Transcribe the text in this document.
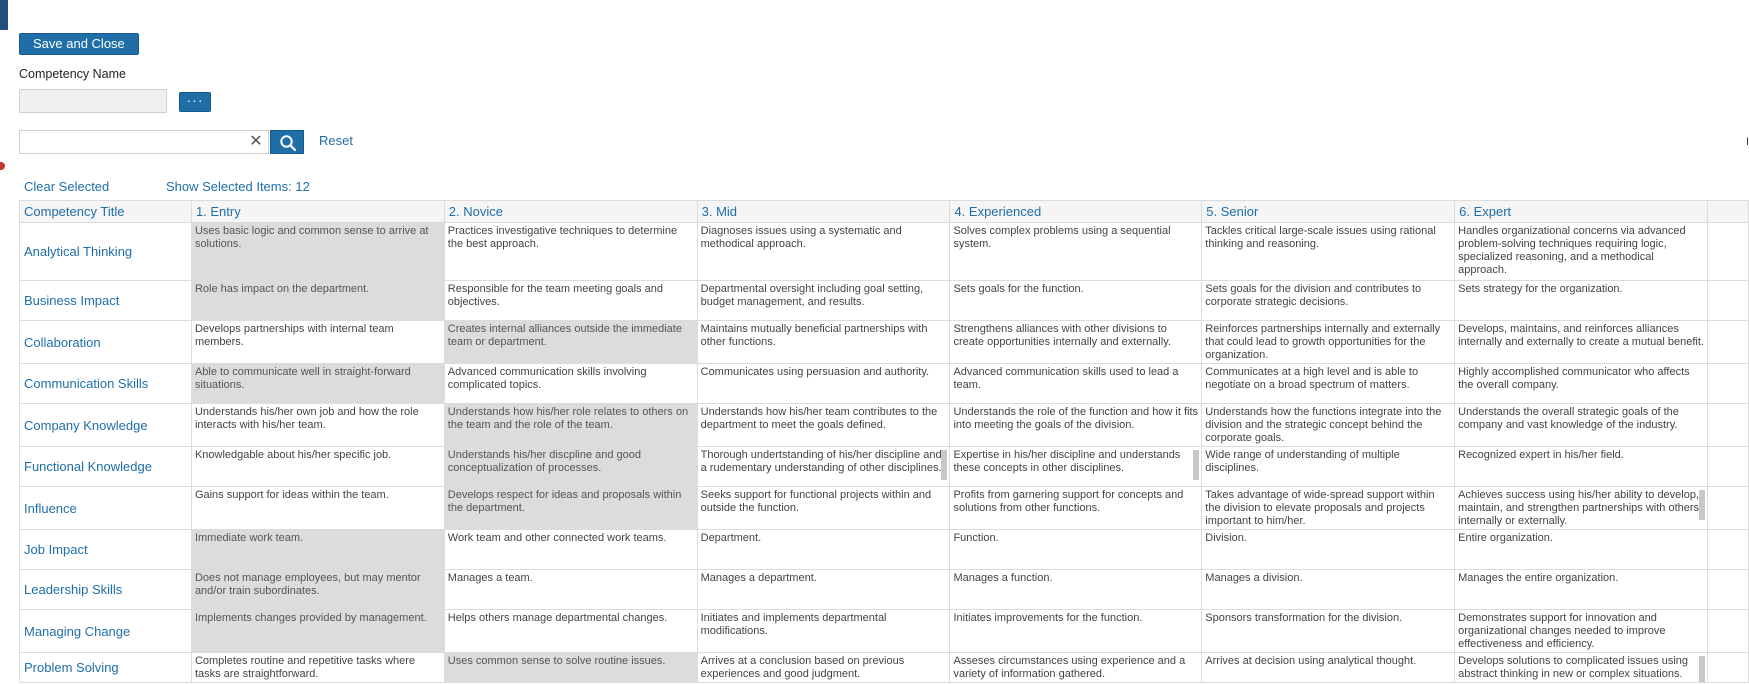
I
Save and Close
Competency Name
···
✕	Reset
Clear Selected	Show Selected Items: 12
Competency Title	1. Entry	2. Novice	3. Mid	4. Experienced	5. Senior	6. Expert	
Analytical Thinking	Uses basic logic and common sense to arrive at solutions.	Practices investigative techniques to determine the best approach.	Diagnoses issues using a systematic and methodical approach.	Solves complex problems using a sequential system.	Tackles critical large-scale issues using rational thinking and reasoning.	Handles organizational concerns via advanced problem-solving techniques requiring logic, specialized reasoning, and a methodical approach.	

Business Impact	Role has impact on the department.	Responsible for the team meeting goals and objectives.	Departmental oversight including goal setting, budget management, and results.	Sets goals for the function.	Sets goals for the division and contributes to corporate strategic decisions.	Sets strategy for the organization.	

Collaboration	Develops partnerships with internal team members.	Creates internal alliances outside the immediate team or department.	Maintains mutually beneficial partnerships with other functions.	Strengthens alliances with other divisions to create opportunities internally and externally.	Reinforces partnerships internally and externally that could lead to growth opportunities for the organization.	Develops, maintains, and reinforces alliances internally and externally to create a mutual benefit.	

Communication Skills	Able to communicate well in straight-forward situations.	Advanced communication skills involving complicated topics.	Communicates using persuasion and authority.	Advanced communication skills used to lead a team.	Communicates at a high level and is able to negotiate on a broad spectrum of matters.	Highly accomplished communicator who affects the overall company.	

Company Knowledge	Understands his/her own job and how the role interacts with his/her team.	Understands how his/her role relates to others on the team and the role of the team.	Understands how his/her team contributes to the department to meet the goals defined.	Understands the role of the function and how it fits into meeting the goals of the division.	Understands how the functions integrate into the division and the strategic concept behind the corporate goals.	Understands the overall strategic goals of the company and vast knowledge of the industry.	

Functional Knowledge	Knowledgable about his/her specific job.	Understands his/her discpline and good conceptualization of processes.	Thorough undertstanding of his/her discipline and a rudementary understanding of other disciplines.	Expertise in his/her discipline and understands these concepts in other disciplines.	Wide range of understanding of multiple disciplines.	Recognized expert in his/her field.	

Influence	Gains support for ideas within the team.	Develops respect for ideas and proposals within the department.	Seeks support for functional projects within and outside the function.	Profits from garnering support for concepts and solutions from other functions.	Takes advantage of wide-spread support within the division to elevate proposals and projects important to him/her.	Achieves success using his/her ability to develop, maintain, and strengthen partnerships with others internally or externally.	

Job Impact	Immediate work team.	Work team and other connected work teams.	Department.	Function.	Division.	Entire organization.	

Leadership Skills	Does not manage employees, but may mentor and/or train subordinates.	Manages a team.	Manages a department.	Manages a function.	Manages a division.	Manages the entire organization.	

Managing Change	Implements changes provided by management.	Helps others manage departmental changes.	Initiates and implements departmental modifications.	Initiates improvements for the function.	Sponsors transformation for the division.	Demonstrates support for innovation and organizational changes needed to improve effectiveness and efficiency.	

Problem Solving	Completes routine and repetitive tasks where tasks are straightforward.	Uses common sense to solve routine issues.	Arrives at a conclusion based on previous experiences and good judgment.	Asseses circumstances using experience and a variety of information gathered.	Arrives at decision using analytical thought.	Develops solutions to complicated issues using abstract thinking in new or complex situations.	
